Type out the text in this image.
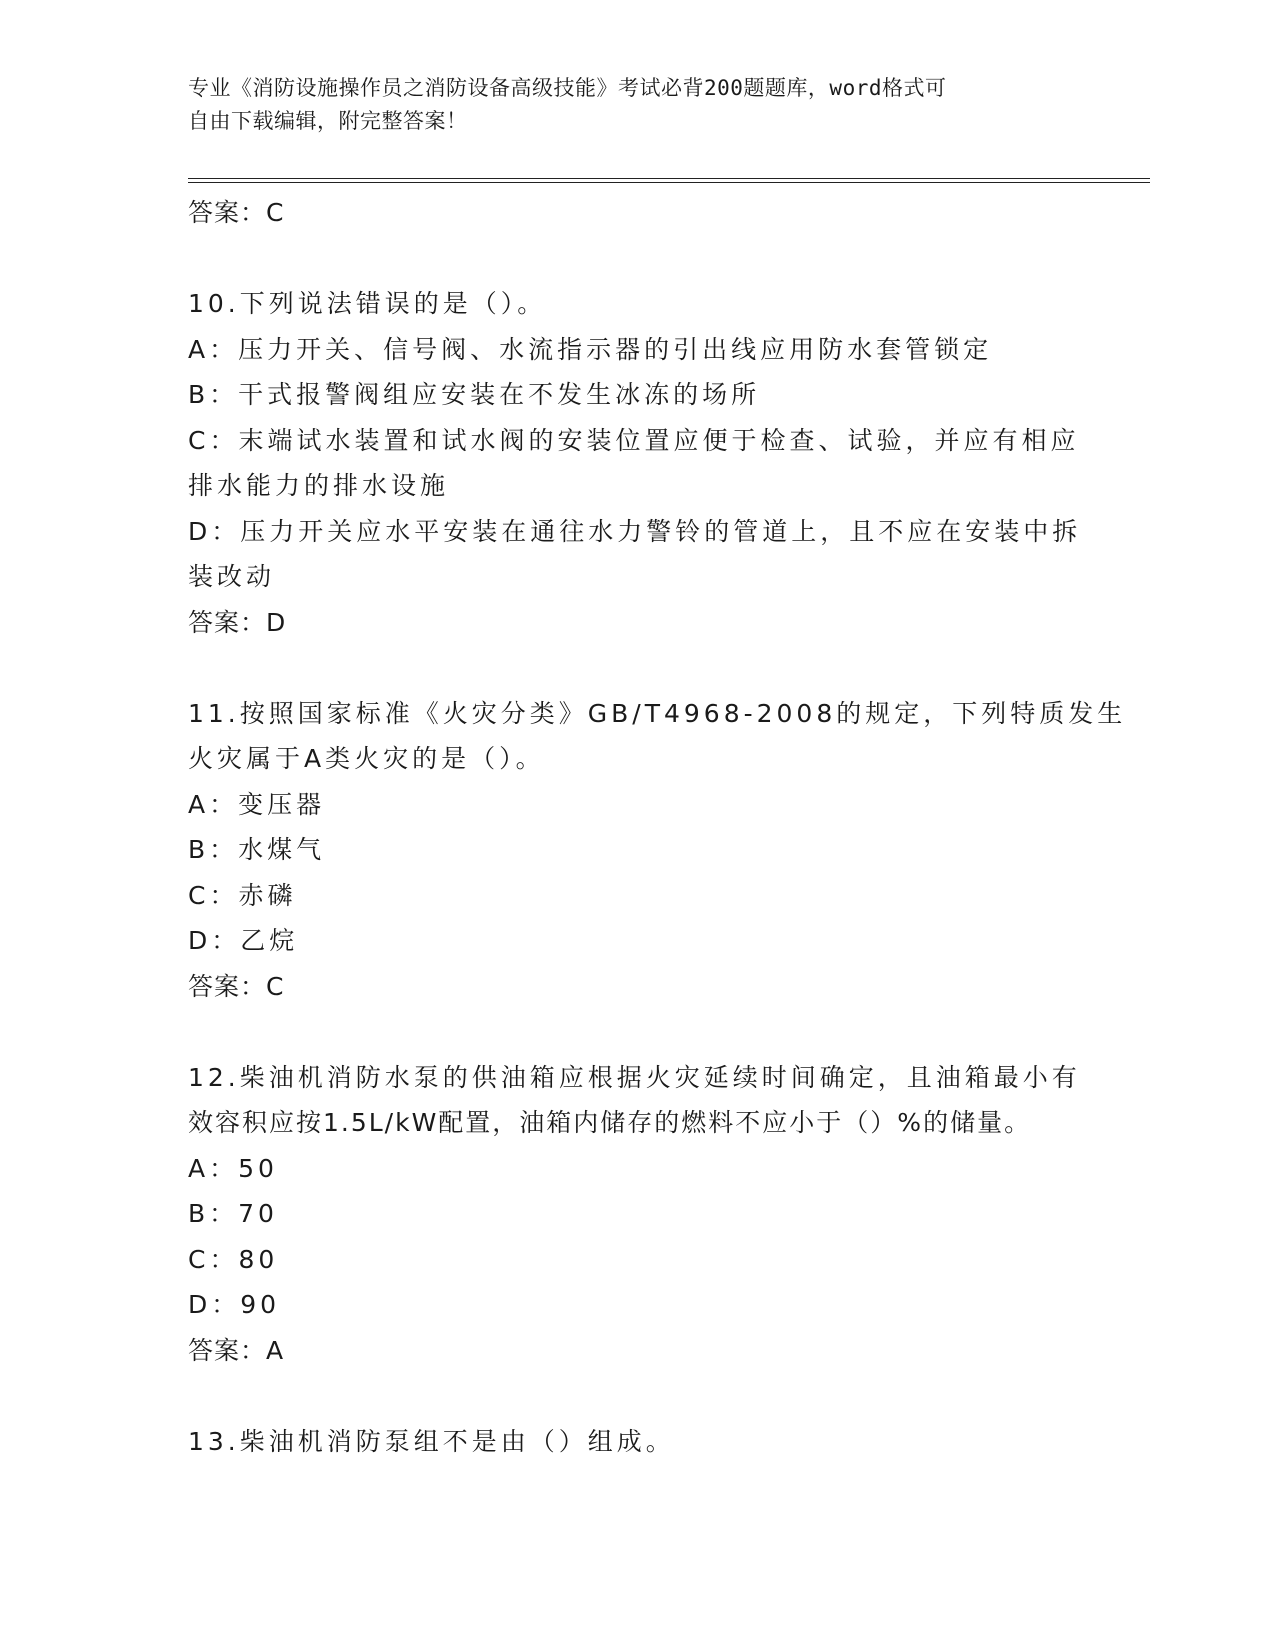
专业《消防设施操作员之消防设备高级技能》考试必背200题题库，word格式可
自由下载编辑，附完整答案！
答案：C
10.下列说法错误的是（）。
A：压力开关、信号阀、水流指示器的引出线应用防水套管锁定
B：干式报警阀组应安装在不发生冰冻的场所
C：末端试水装置和试水阀的安装位置应便于检查、试验，并应有相应
排水能力的排水设施
D：压力开关应水平安装在通往水力警铃的管道上，且不应在安装中拆
装改动
答案：D
11.按照国家标准《火灾分类》GB/T4968-2008的规定，下列特质发生
火灾属于A类火灾的是（）。
A：变压器
B：水煤气
C：赤磷
D：乙烷
答案：C
12.柴油机消防水泵的供油箱应根据火灾延续时间确定，且油箱最小有
效容积应按1.5L/kW配置，油箱内储存的燃料不应小于（）%的储量。
A：50
B：70
C：80
D：90
答案：A
13.柴油机消防泵组不是由（）组成。
